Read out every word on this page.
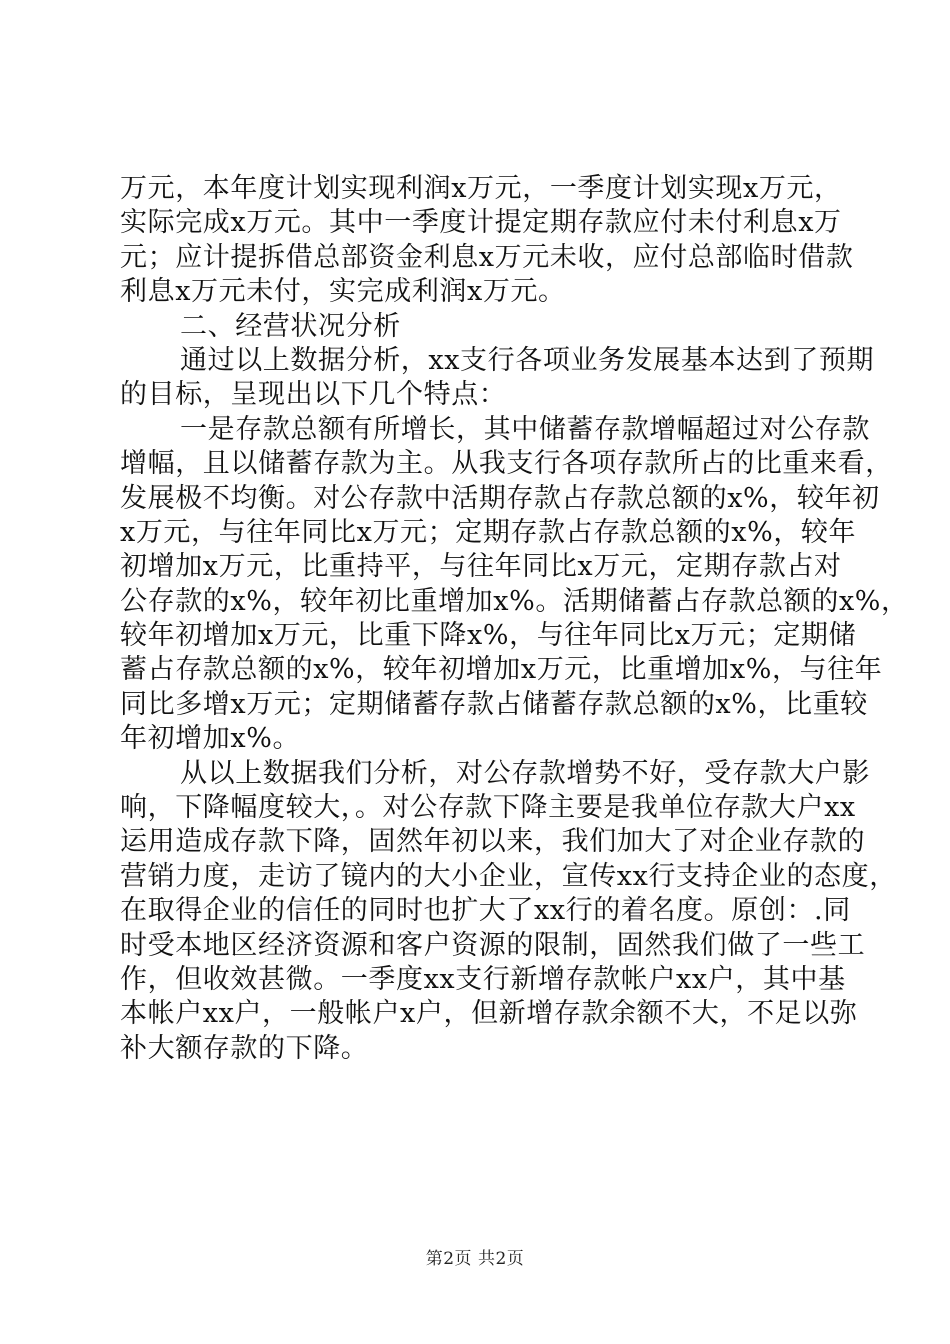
万元，本年度计划实现利润x万元，一季度计划实现x万元，
实际完成x万元。其中一季度计提定期存款应付未付利息x万
元；应计提拆借总部资金利息x万元未收，应付总部临时借款
利息x万元未付，实完成利润x万元。
二、经营状况分析
通过以上数据分析，xx支行各项业务发展基本达到了预期
的目标，呈现出以下几个特点：
一是存款总额有所增长，其中储蓄存款增幅超过对公存款
增幅，且以储蓄存款为主。从我支行各项存款所占的比重来看，
发展极不均衡。对公存款中活期存款占存款总额的x%，较年初
x万元，与往年同比x万元；定期存款占存款总额的x%，较年
初增加x万元，比重持平，与往年同比x万元，定期存款占对
公存款的x%，较年初比重增加x%。活期储蓄占存款总额的x%，
较年初增加x万元，比重下降x%，与往年同比x万元；定期储
蓄占存款总额的x%，较年初增加x万元，比重增加x%，与往年
同比多增x万元；定期储蓄存款占储蓄存款总额的x%，比重较
年初增加x%。
从以上数据我们分析，对公存款增势不好，受存款大户影
响，下降幅度较大，。对公存款下降主要是我单位存款大户xx
运用造成存款下降，固然年初以来，我们加大了对企业存款的
营销力度，走访了镜内的大小企业，宣传xx行支持企业的态度，
在取得企业的信任的同时也扩大了xx行的着名度。原创：.同
时受本地区经济资源和客户资源的限制，固然我们做了一些工
作，但收效甚微。一季度xx支行新增存款帐户xx户，其中基
本帐户xx户，一般帐户x户，但新增存款余额不大，不足以弥
补大额存款的下降。
第2页 共2页
